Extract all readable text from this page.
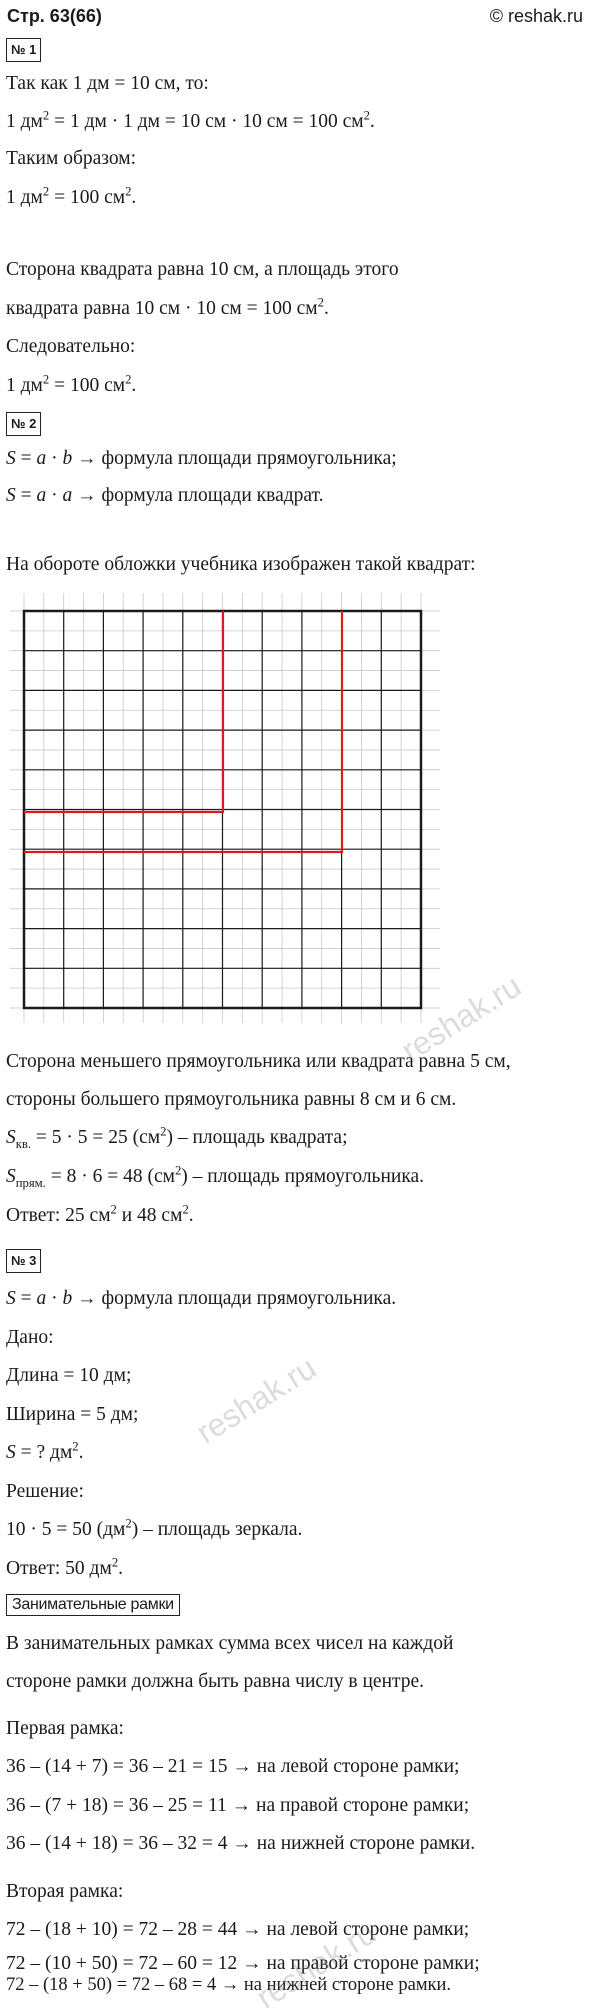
Стр. 63(66)	© reshak.ru
№ 1
Так как 1 дм = 10 см, то:
1 $дм^2 = 1$ дм · 1 дм = 10 см · 10 см = 100 $см^2$.
Таким образом:
1 $дм^2 = 100$ $см^2$.
Сторона квадрата равна 10 см, а площадь этого
квадрата равна 10 см · 10 см = 100 $см^2$.
Следовательно:
1 $дм^2 = 100$ $см^2$.
№ 2
S = a · b → формула площади прямоугольника;
S = a · a → формула площади квадрат.
На обороте обложки учебника изображен такой квадрат:
reshak.ru
Сторона меньшего прямоугольника или квадрата равна 5 см,
стороны большего прямоугольника равны 8 см и 6 см.
$S_{кв.} = 5 \cdot 5 = 25$ $(см^2)$ – площадь квадрата;
$S_{прям.} = 8 \cdot 6 = 48$ $(см^2)$ – площадь прямоугольника.
Ответ: 25 $см^2$ и 48 $см^2$.
№ 3
S = a · b → формула площади прямоугольника.
Дано:
Длина = 10 дм;
Ширина = 5 дм;
S = ? $дм^2$.
Решение:
10 · 5 = 50 $(дм^2)$ – площадь зеркала.
Ответ: 50 $дм^2$.
Занимательные рамки
В занимательных рамках сумма всех чисел на каждой
стороне рамки должна быть равна числу в центре.
Первая рамка:
36 – (14 + 7) = 36 – 21 = 15 → на левой стороне рамки;
36 – (7 + 18) = 36 – 25 = 11 → на правой стороне рамки;
36 – (14 + 18) = 36 – 32 = 4 → на нижней стороне рамки.
Вторая рамка:
72 – (18 + 10) = 72 – 28 = 44 → на левой стороне рамки;
72 – (10 + 50) = 72 – 60 = 12 → на правой стороне рамки;
72 – (18 + 50) = 72 – 68 = 4 → на нижней стороне рамки.
reshak.ru
reshak.ru
